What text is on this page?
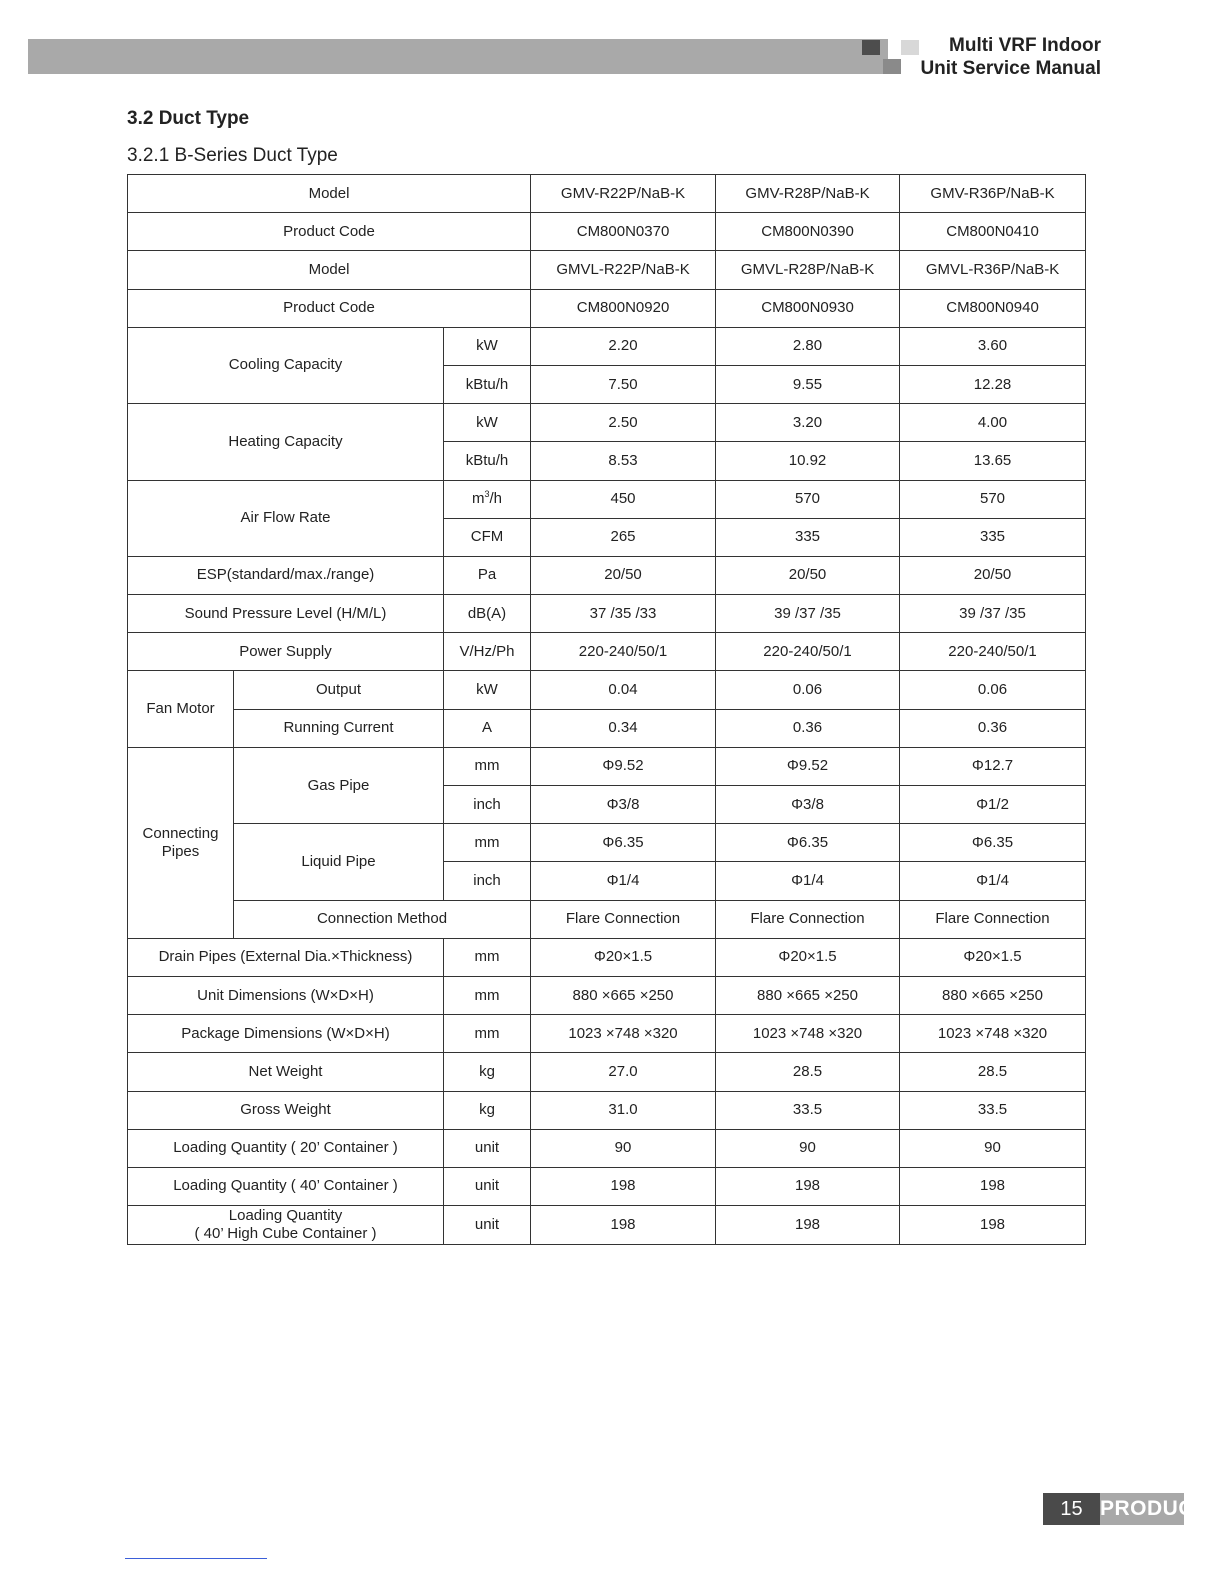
Multi VRF Indoor
Unit Service Manual
3.2 Duct Type
3.2.1 B-Series Duct Type
Model			GMV-R22P/NaB-K	GMV-R28P/NaB-K	GMV-R36P/NaB-K
Product Code			CM800N0370	CM800N0390	CM800N0410
Model			GMVL-R22P/NaB-K	GMVL-R28P/NaB-K	GMVL-R36P/NaB-K
Product Code			CM800N0920	CM800N0930	CM800N0940
Cooling Capacity		kW	2.20	2.80	3.60
		kBtu/h	7.50	9.55	12.28
Heating Capacity		kW	2.50	3.20	4.00
		kBtu/h	8.53	10.92	13.65
Air Flow Rate		$m^3/h$	450	570	570
		CFM	265	335	335
ESP(standard/max./range)		Pa	20/50	20/50	20/50
Sound Pressure Level (H/M/L)		dB(A)	37 /35 /33	39 /37 /35	39 /37 /35
Power Supply		V/Hz/Ph	220-240/50/1	220-240/50/1	220-240/50/1
Fan Motor	Output	kW	0.04	0.06	0.06
	Running Current	A	0.34	0.36	0.36

Connecting
Pipes	Gas Pipe	mm	Φ9.52	Φ9.52	Φ12.7
		inch	Φ3/8	Φ3/8	Φ1/2
	Liquid Pipe	mm	Φ6.35	Φ6.35	Φ6.35
		inch	Φ1/4	Φ1/4	Φ1/4
	Connection Method		Flare Connection	Flare Connection	Flare Connection
Drain Pipes (External Dia.×Thickness)		mm	Φ20×1.5	Φ20×1.5	Φ20×1.5
Unit Dimensions (W×D×H)		mm	880 ×665 ×250	880 ×665 ×250	880 ×665 ×250
Package Dimensions (W×D×H)		mm	1023 ×748 ×320	1023 ×748 ×320	1023 ×748 ×320
Net Weight		kg	27.0	28.5	28.5
Gross Weight		kg	31.0	33.5	33.5
Loading Quantity ( 20’ Container )		unit	90	90	90
Loading Quantity ( 40’ Container )		unit	198	198	198

Loading Quantity
( 40’ High Cube Container )		unit	198	198	198
15 PRODUCT
